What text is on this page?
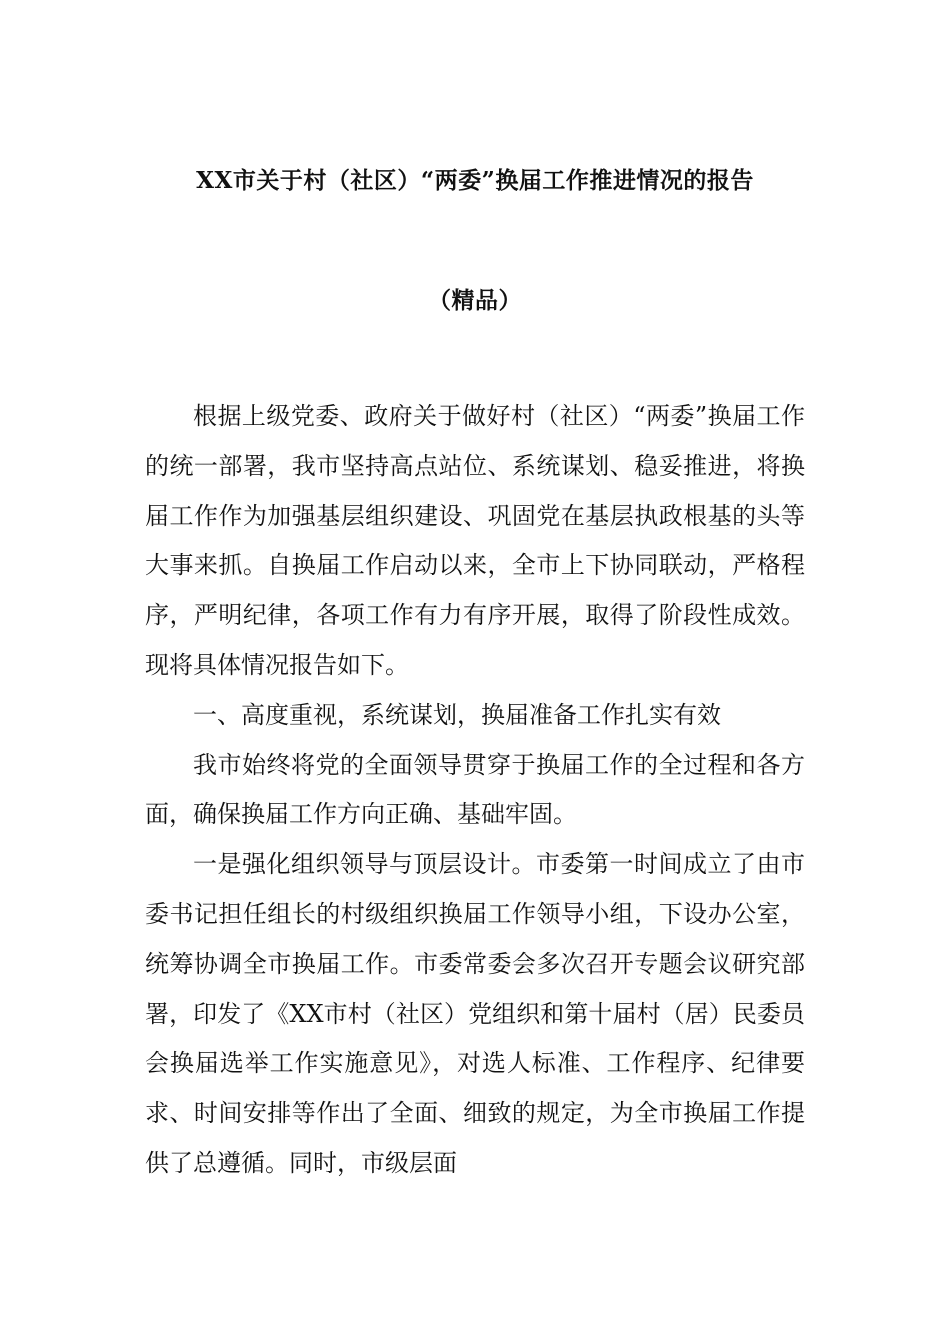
XX市关于村（社区）“两委”换届工作推进情况的报告
（精品）

根据上级党委、政府关于做好村（社区）“两委”换届工作的统一部署，我市坚持高点站位、系统谋划、稳妥推进，将换届工作作为加强基层组织建设、巩固党在基层执政根基的头等大事来抓。自换届工作启动以来，全市上下协同联动，严格程序，严明纪律，各项工作有力有序开展，取得了阶段性成效。现将具体情况报告如下。

一、高度重视，系统谋划，换届准备工作扎实有效

我市始终将党的全面领导贯穿于换届工作的全过程和各方面，确保换届工作方向正确、基础牢固。

一是强化组织领导与顶层设计。市委第一时间成立了由市委书记担任组长的村级组织换届工作领导小组，下设办公室，统筹协调全市换届工作。市委常委会多次召开专题会议研究部署，印发了《XX市村（社区）党组织和第十届村（居）民委员会换届选举工作实施意见》，对选人标准、工作程序、纪律要求、时间安排等作出了全面、细致的规定，为全市换届工作提供了总遵循。同时，市级层面
